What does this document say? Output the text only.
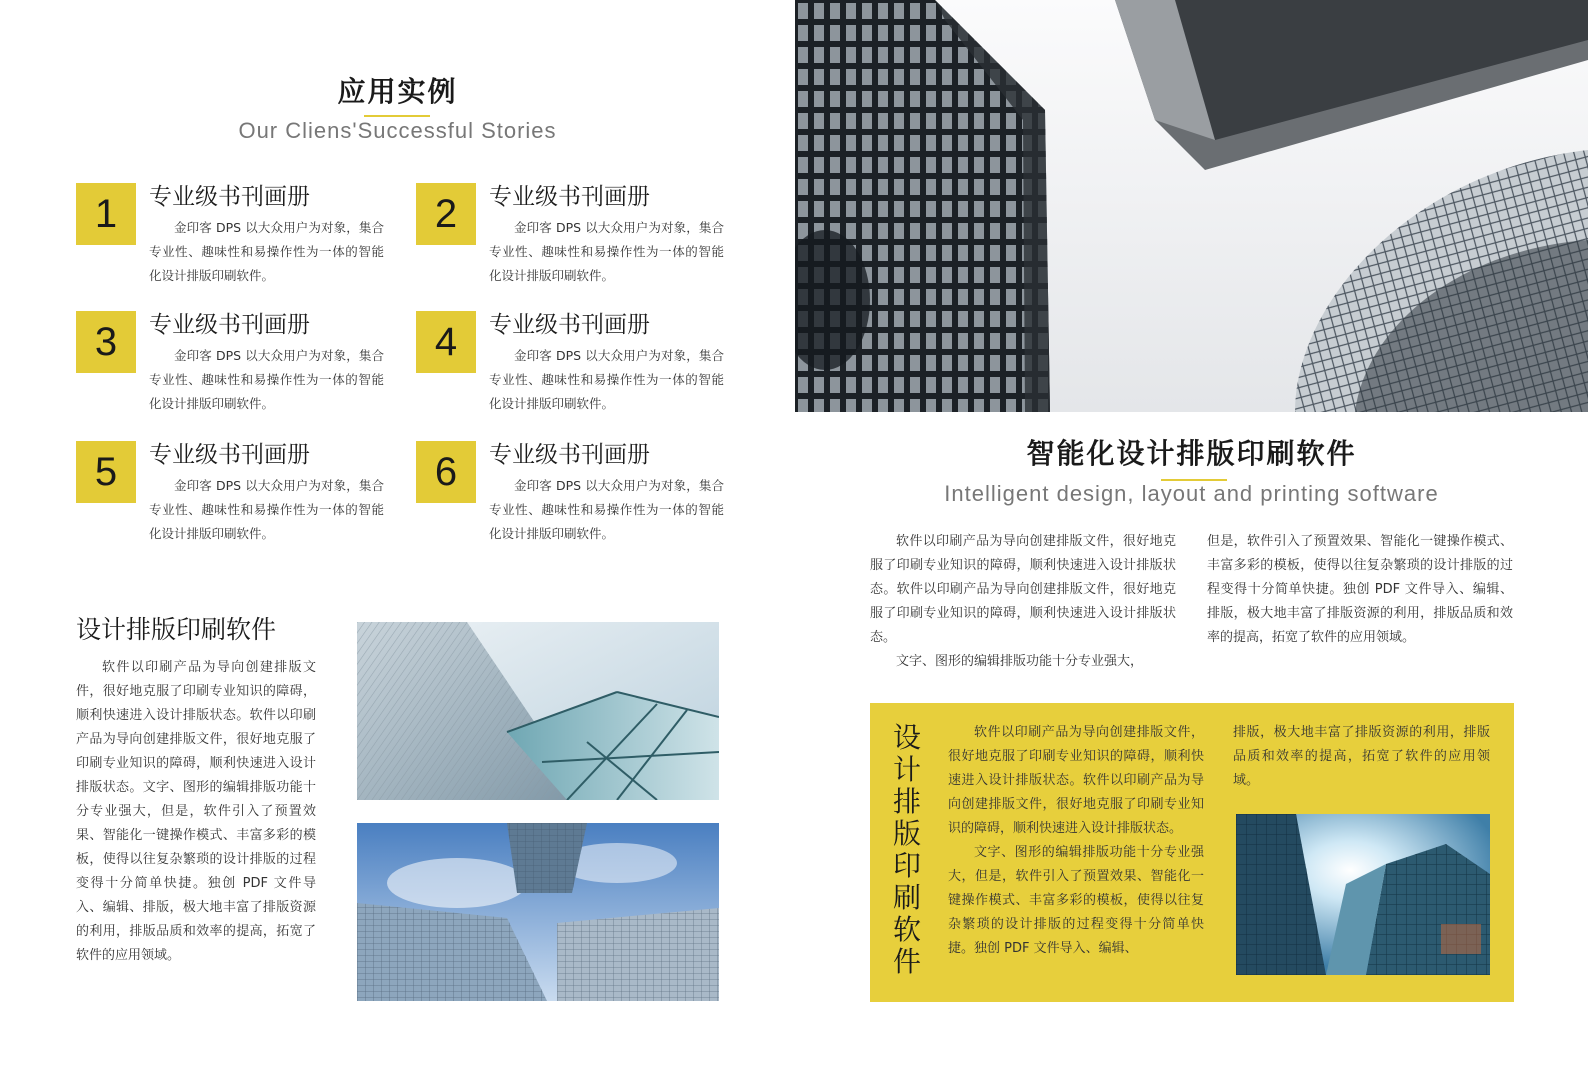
应用实例
Our Cliens'Successful Stories
1	专业级书刊画册
金印客 DPS 以大众用户为对象，集合专业性、趣味性和易操作性为一体的智能化设计排版印刷软件。
2	专业级书刊画册
金印客 DPS 以大众用户为对象，集合专业性、趣味性和易操作性为一体的智能化设计排版印刷软件。
3	专业级书刊画册
金印客 DPS 以大众用户为对象，集合专业性、趣味性和易操作性为一体的智能化设计排版印刷软件。
4	专业级书刊画册
金印客 DPS 以大众用户为对象，集合专业性、趣味性和易操作性为一体的智能化设计排版印刷软件。
5	专业级书刊画册
金印客 DPS 以大众用户为对象，集合专业性、趣味性和易操作性为一体的智能化设计排版印刷软件。
6	专业级书刊画册
金印客 DPS 以大众用户为对象，集合专业性、趣味性和易操作性为一体的智能化设计排版印刷软件。
设计排版印刷软件
软件以印刷产品为导向创建排版文件，很好地克服了印刷专业知识的障碍，顺利快速进入设计排版状态。软件以印刷产品为导向创建排版文件，很好地克服了印刷专业知识的障碍，顺利快速进入设计排版状态。文字、图形的编辑排版功能十分专业强大，但是，软件引入了预置效果、智能化一键操作模式、丰富多彩的模板，使得以往复杂繁琐的设计排版的过程变得十分简单快捷。独创 PDF 文件导入、编辑、排版，极大地丰富了排版资源的利用，排版品质和效率的提高，拓宽了软件的应用领域。
智能化设计排版印刷软件
Intelligent design, layout and printing software
软件以印刷产品为导向创建排版文件，很好地克服了印刷专业知识的障碍，顺利快速进入设计排版状态。软件以印刷产品为导向创建排版文件，很好地克服了印刷专业知识的障碍，顺利快速进入设计排版状态。
文字、图形的编辑排版功能十分专业强大，
但是，软件引入了预置效果、智能化一键操作模式、丰富多彩的模板，使得以往复杂繁琐的设计排版的过程变得十分简单快捷。独创 PDF 文件导入、编辑、排版，极大地丰富了排版资源的利用，排版品质和效率的提高，拓宽了软件的应用领域。
设计排版印刷软件
软件以印刷产品为导向创建排版文件，很好地克服了印刷专业知识的障碍，顺利快速进入设计排版状态。软件以印刷产品为导向创建排版文件，很好地克服了印刷专业知识的障碍，顺利快速进入设计排版状态。
文字、图形的编辑排版功能十分专业强大，但是，软件引入了预置效果、智能化一键操作模式、丰富多彩的模板，使得以往复杂繁琐的设计排版的过程变得十分简单快捷。独创 PDF 文件导入、编辑、
排版，极大地丰富了排版资源的利用，排版品质和效率的提高，拓宽了软件的应用领域。
